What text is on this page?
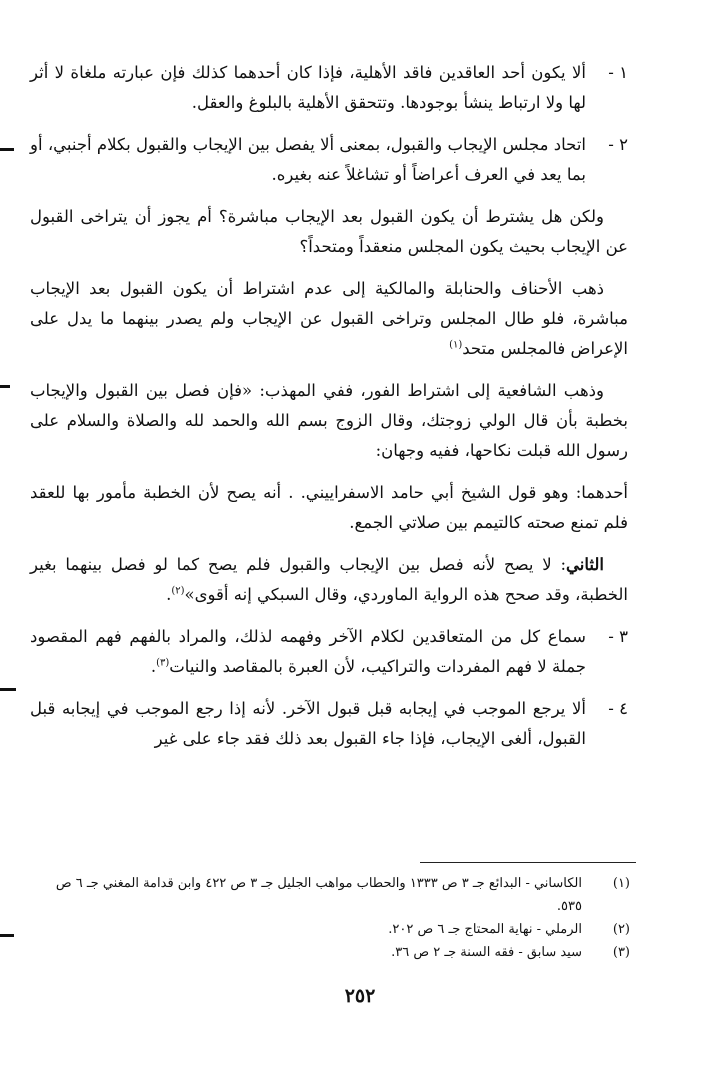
١ -
ألا يكون أحد العاقدين فاقد الأهلية، فإذا كان أحدهما كذلك فإن عبارته ملغاة لا أثر لها ولا ارتباط ينشأ بوجودها. وتتحقق الأهلية بالبلوغ والعقل.
٢ -
اتحاد مجلس الإيجاب والقبول، بمعنى ألا يفصل بين الإيجاب والقبول بكلام أجنبي، أو بما يعد في العرف أعراضاً أو تشاغلاً عنه بغيره.
ولكن هل يشترط أن يكون القبول بعد الإيجاب مباشرة؟ أم يجوز أن يتراخى القبول عن الإيجاب بحيث يكون المجلس منعقداً ومتحداً؟
ذهب الأحناف والحنابلة والمالكية إلى عدم اشتراط أن يكون القبول بعد الإيجاب مباشرة، فلو طال المجلس وتراخى القبول عن الإيجاب ولم يصدر بينهما ما يدل على الإعراض فالمجلس متحد$^{(١)}$
وذهب الشافعية إلى اشتراط الفور، ففي المهذب: «فإن فصل بين القبول والإيجاب بخطبة بأن قال الولي زوجتك، وقال الزوج بسم الله والحمد لله والصلاة والسلام على رسول الله قبلت نكاحها، ففيه وجهان:
أحدهما: وهو قول الشيخ أبي حامد الاسفراييني. . أنه يصح لأن الخطبة مأمور بها للعقد فلم تمنع صحته كالتيمم بين صلاتي الجمع.
الثاني: لا يصح لأنه فصل بين الإيجاب والقبول فلم يصح كما لو فصل بينهما بغير الخطبة، وقد صحح هذه الرواية الماوردي، وقال السبكي إنه أقوى»$^{(٢)}$.
٣ -
سماع كل من المتعاقدين لكلام الآخر وفهمه لذلك، والمراد بالفهم فهم المقصود جملة لا فهم المفردات والتراكيب، لأن العبرة بالمقاصد والنيات$^{(٣)}$.
٤ -
ألا يرجع الموجب في إيجابه قبل قبول الآخر. لأنه إذا رجع الموجب في إيجابه قبل القبول، ألغى الإيجاب، فإذا جاء القبول بعد ذلك فقد جاء على غير
(١)
الكاساني - البدائع جـ ٣ ص ١٣٣٣ والحطاب مواهب الجليل جـ ٣ ص ٤٢٢ وابن قدامة المغني جـ ٦ ص ٥٣٥.
(٢)
الرملي - نهاية المحتاج جـ ٦ ص ٢٠٢.
(٣)
سيد سابق - فقه السنة جـ ٢ ص ٣٦.
٢٥٢
